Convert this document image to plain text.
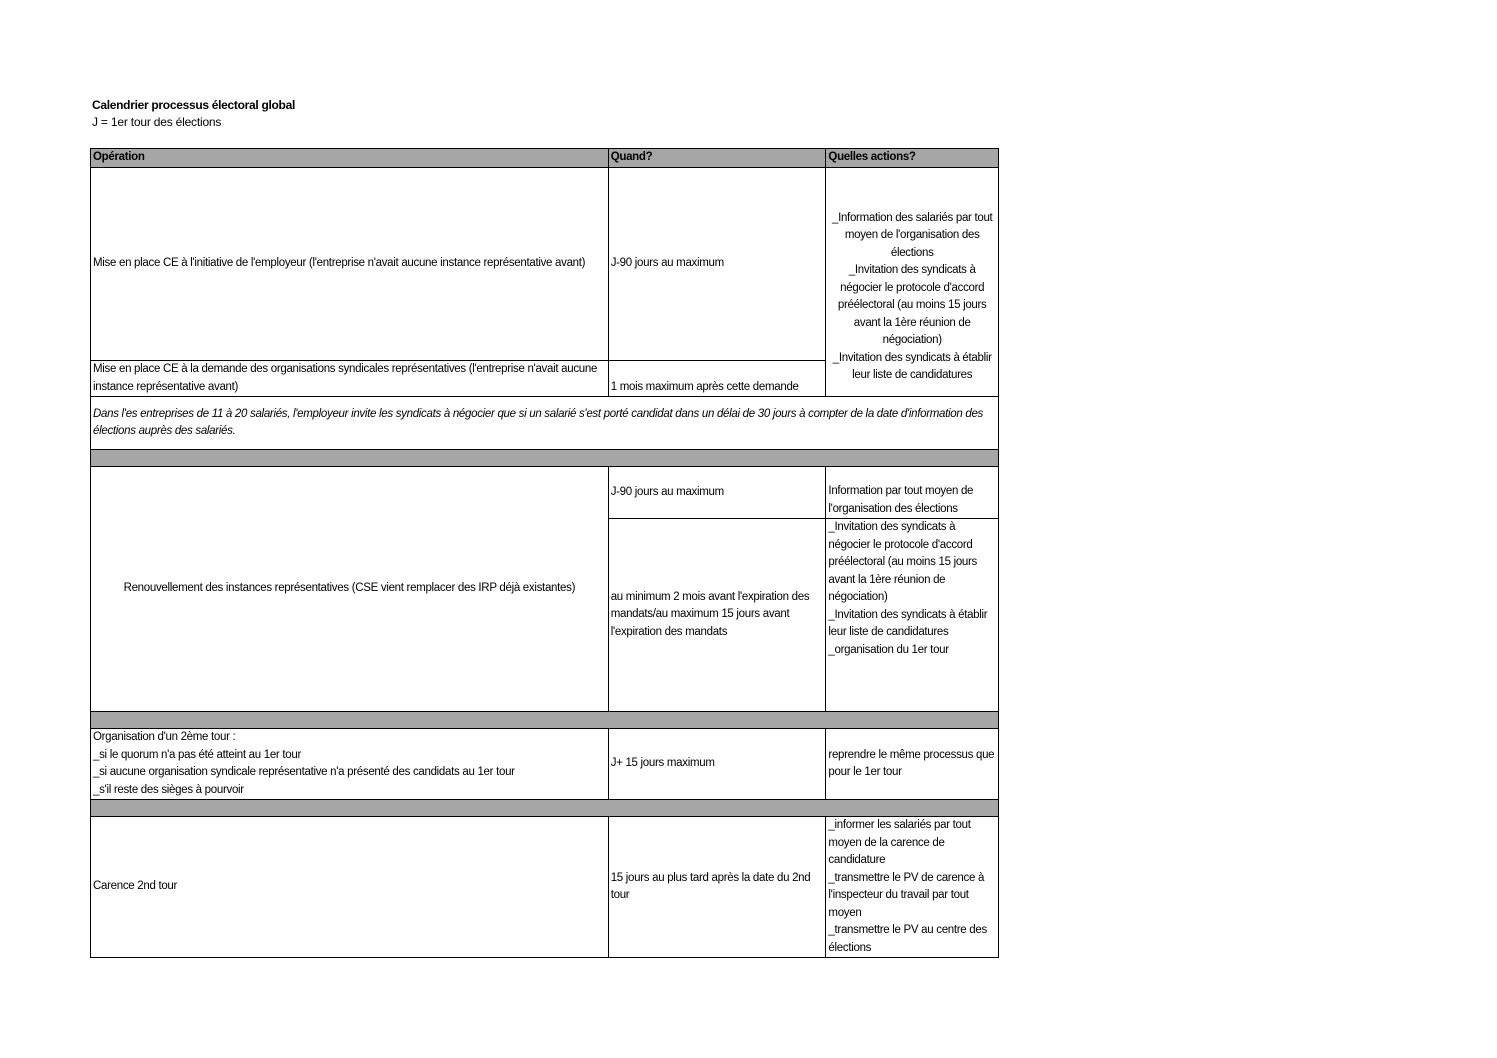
Calendrier processus électoral global
J = 1er tour des élections
Opération	Quand?	Quelles actions?
Mise en place CE à l'initiative de l'employeur (l'entreprise n'avait aucune instance représentative avant)	J-90 jours au maximum	_Information des salariés par tout moyen de l'organisation des élections
_Invitation des syndicats à négocier le protocole d'accord préélectoral (au moins 15 jours avant la 1ère réunion de négociation)
_Invitation des syndicats à établir leur liste de candidatures
Mise en place CE à la demande des organisations syndicales représentatives (l'entreprise n'avait aucune instance représentative avant)	1 mois maximum après cette demande	
Dans l'es entreprises de 11 à 20 salariés, l'employeur invite les syndicats à négocier que si un salarié s'est porté candidat dans un délai de 30 jours à compter de la date d'information des élections auprès des salariés.		

Renouvellement des instances représentatives (CSE vient remplacer des IRP déjà existantes)	J-90 jours au maximum	Information par tout moyen de l'organisation des élections
	au minimum 2 mois avant l'expiration des mandats/au maximum 15 jours avant l'expiration des mandats	_Invitation des syndicats à négocier le protocole d'accord préélectoral (au moins 15 jours avant la 1ère réunion de négociation)
_Invitation des syndicats à établir leur liste de candidatures
_organisation du 1er tour

Organisation d'un 2ème tour :
_si le quorum n'a pas été atteint au 1er tour
_si aucune organisation syndicale représentative n'a présenté des candidats au 1er tour
_s'il reste des sièges à pourvoir	J+ 15 jours maximum	reprendre le même processus que pour le 1er tour

Carence 2nd tour	15 jours au plus tard après la date du 2nd tour	_informer les salariés par tout moyen de la carence de candidature
_transmettre le PV de carence à l'inspecteur du travail par tout moyen
_transmettre le PV au centre des élections
